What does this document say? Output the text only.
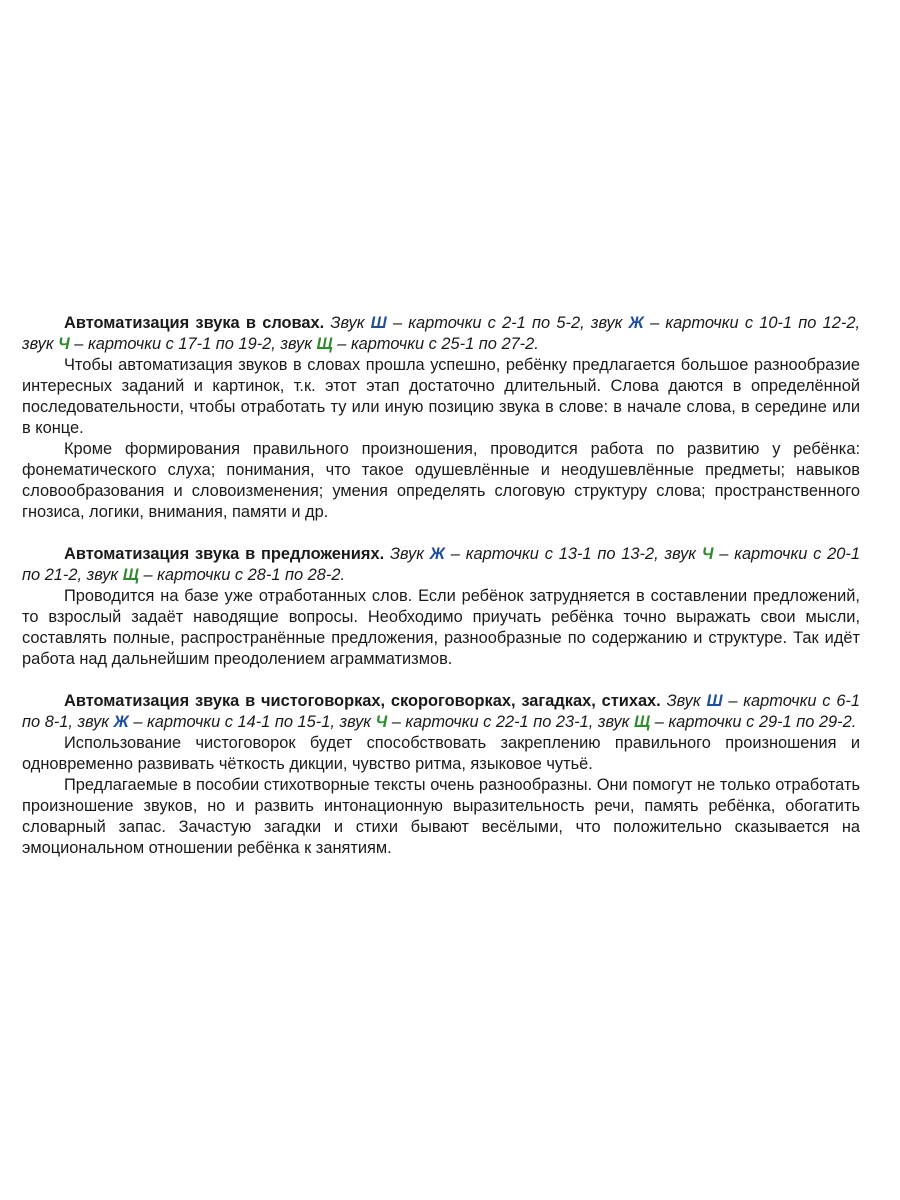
Автоматизация звука в словах. Звук Ш – карточки с 2-1 по 5-2, звук Ж – карточки с 10-1 по 12-2, звук Ч – карточки с 17-1 по 19-2, звук Щ – карточки с 25-1 по 27-2.

Чтобы автоматизация звуков в словах прошла успешно, ребёнку предлагается большое разнообразие интересных заданий и картинок, т.к. этот этап достаточно длительный. Слова даются в определённой последовательности, чтобы отработать ту или иную позицию звука в слове: в начале слова, в середине или в конце.

Кроме формирования правильного произношения, проводится работа по развитию у ребёнка: фонематического слуха; понимания, что такое одушевлённые и неодушевлённые предметы; навыков словообразования и словоизменения; умения определять слоговую структуру слова; пространственного гнозиса, логики, внимания, памяти и др.

Автоматизация звука в предложениях. Звук Ж – карточки с 13-1 по 13-2, звук Ч – карточки с 20-1 по 21-2, звук Щ – карточки с 28-1 по 28-2.

Проводится на базе уже отработанных слов. Если ребёнок затрудняется в составлении предложений, то взрослый задаёт наводящие вопросы. Необходимо приучать ребёнка точно выражать свои мысли, составлять полные, распространённые предложения, разнообразные по содержанию и структуре. Так идёт работа над дальнейшим преодолением аграмматизмов.

Автоматизация звука в чистоговорках, скороговорках, загадках, стихах. Звук Ш – карточки с 6-1 по 8-1, звук Ж – карточки с 14-1 по 15-1, звук Ч – карточки с 22-1 по 23-1, звук Щ – карточки с 29-1 по 29-2.

Использование чистоговорок будет способствовать закреплению правильного произношения и одновременно развивать чёткость дикции, чувство ритма, языковое чутьё.

Предлагаемые в пособии стихотворные тексты очень разнообразны. Они помогут не только отработать произношение звуков, но и развить интонационную выразительность речи, память ребёнка, обогатить словарный запас. Зачастую загадки и стихи бывают весёлыми, что положительно сказывается на эмоциональном отношении ребёнка к занятиям.
